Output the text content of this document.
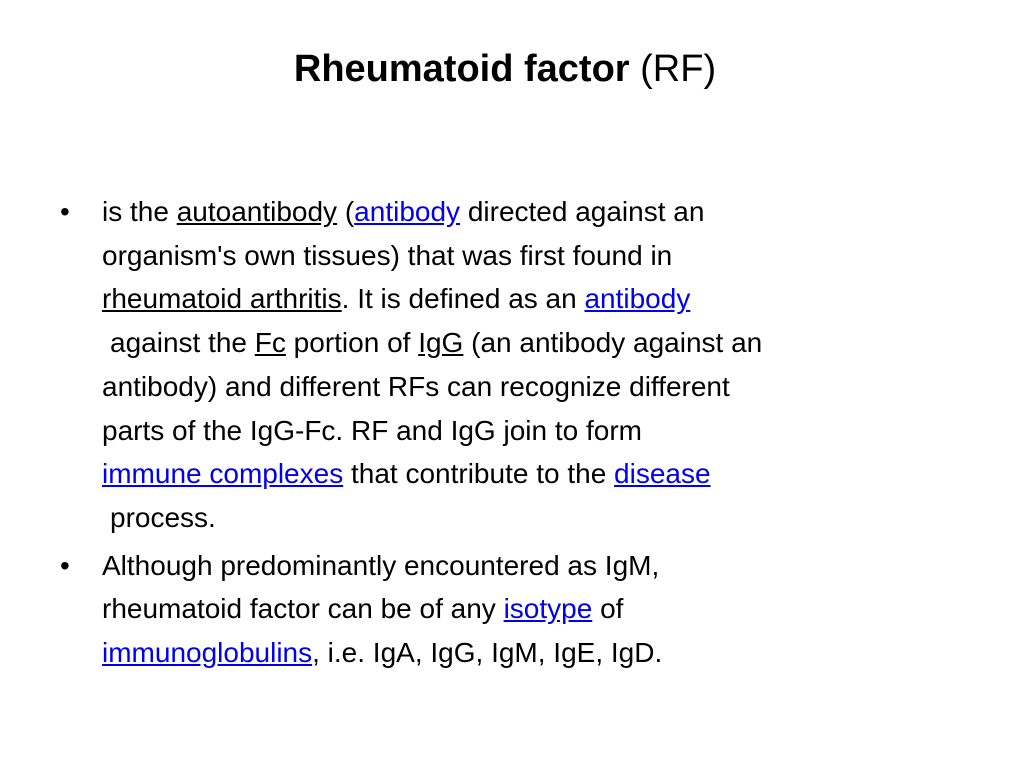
Rheumatoid factor (RF)
• is the autoantibody (antibody directed against an
organism's own tissues) that was first found in
rheumatoid arthritis. It is defined as an antibody
against the Fc portion of IgG (an antibody against an
antibody) and different RFs can recognize different
parts of the IgG-Fc. RF and IgG join to form
immune complexes that contribute to the disease
process.
• Although predominantly encountered as IgM,
rheumatoid factor can be of any isotype of
immunoglobulins, i.e. IgA, IgG, IgM, IgE, IgD.
